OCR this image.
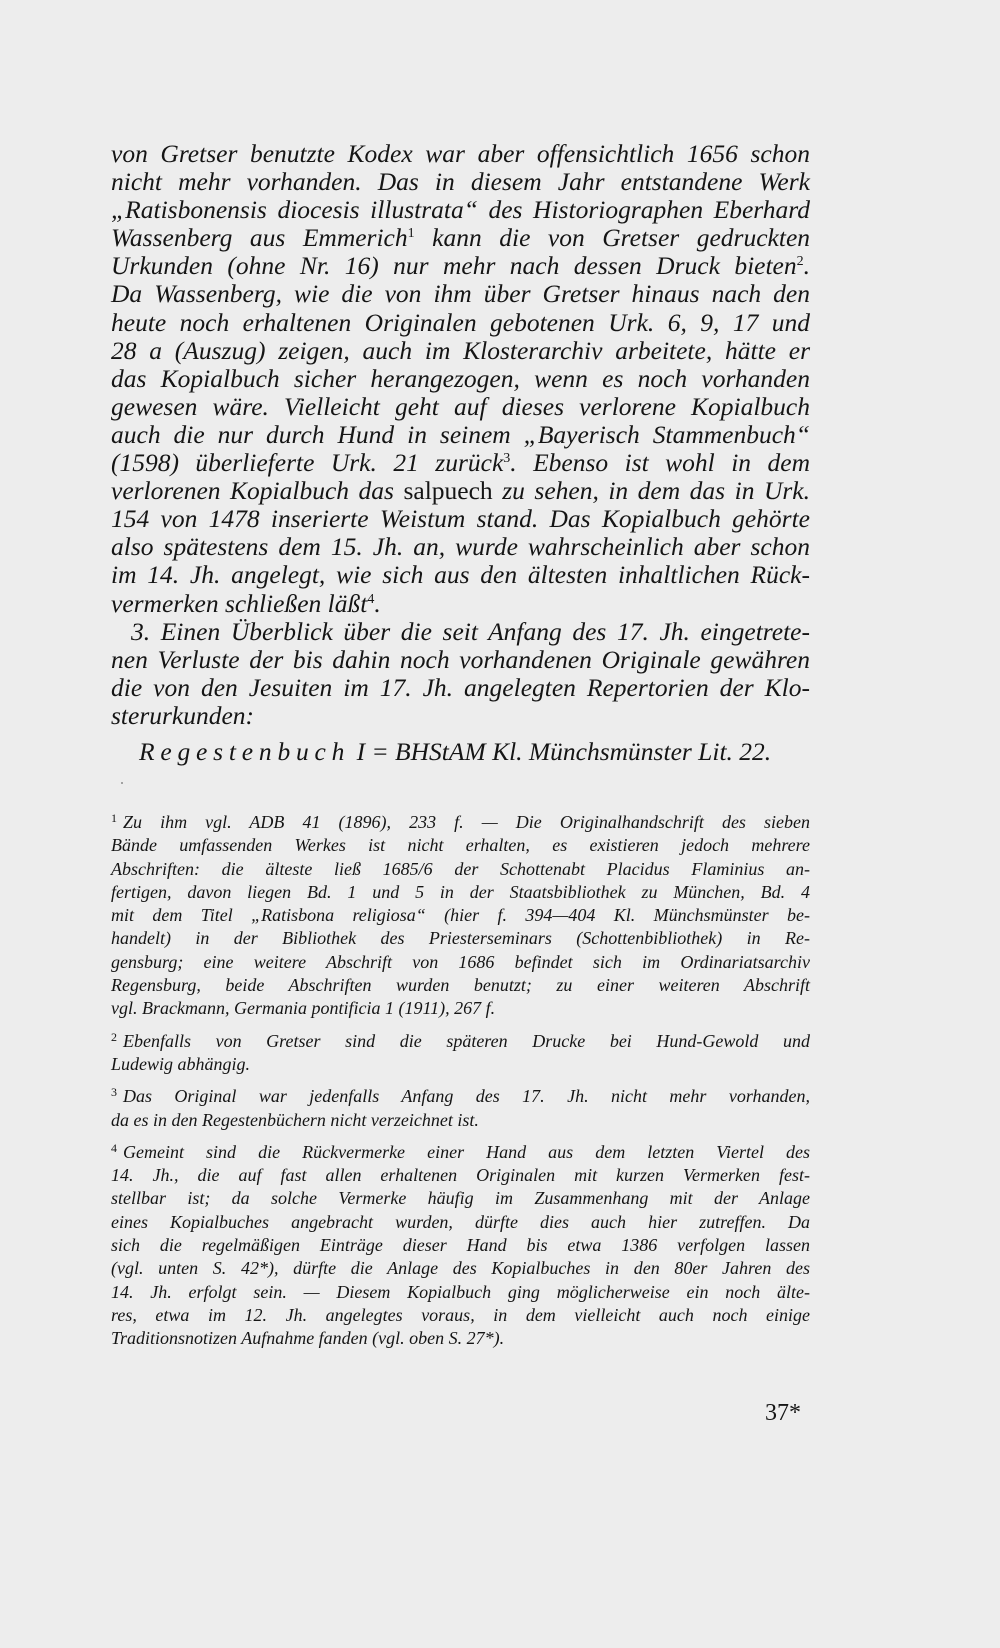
von Gretser benutzte Kodex war aber offensichtlich 1656 schon
nicht mehr vorhanden. Das in diesem Jahr entstandene Werk
„Ratisbonensis diocesis illustrata“ des Historiographen Eberhard
Wassenberg aus Emmerich$^1$ kann die von Gretser gedruckten
Urkunden (ohne Nr. 16) nur mehr nach dessen Druck bieten$^2$.
Da Wassenberg, wie die von ihm über Gretser hinaus nach den
heute noch erhaltenen Originalen gebotenen Urk. 6, 9, 17 und
28 a (Auszug) zeigen, auch im Klosterarchiv arbeitete, hätte er
das Kopialbuch sicher herangezogen, wenn es noch vorhanden
gewesen wäre. Vielleicht geht auf dieses verlorene Kopialbuch
auch die nur durch Hund in seinem „Bayerisch Stammenbuch“
(1598) überlieferte Urk. 21 zurück$^3$. Ebenso ist wohl in dem
verlorenen Kopialbuch das salpuech zu sehen, in dem das in Urk.
154 von 1478 inserierte Weistum stand. Das Kopialbuch gehörte
also spätestens dem 15. Jh. an, wurde wahrscheinlich aber schon
im 14. Jh. angelegt, wie sich aus den ältesten inhaltlichen Rück-
vermerken schließen läßt$^4$.
3. Einen Überblick über die seit Anfang des 17. Jh. eingetrete-
nen Verluste der bis dahin noch vorhandenen Originale gewähren
die von den Jesuiten im 17. Jh. angelegten Repertorien der Klo-
sterurkunden:
Regestenbuch I = BHStAM Kl. Münchsmünster Lit. 22.
$^1$ Zu ihm vgl. ADB 41 (1896), 233 f. — Die Originalhandschrift des sieben
Bände umfassenden Werkes ist nicht erhalten, es existieren jedoch mehrere
Abschriften: die älteste ließ 1685/6 der Schottenabt Placidus Flaminius an-
fertigen, davon liegen Bd. 1 und 5 in der Staatsbibliothek zu München, Bd. 4
mit dem Titel „Ratisbona religiosa“ (hier f. 394—404 Kl. Münchsmünster be-
handelt) in der Bibliothek des Priesterseminars (Schottenbibliothek) in Re-
gensburg; eine weitere Abschrift von 1686 befindet sich im Ordinariatsarchiv
Regensburg, beide Abschriften wurden benutzt; zu einer weiteren Abschrift
vgl. Brackmann, Germania pontificia 1 (1911), 267 f.
$^2$ Ebenfalls von Gretser sind die späteren Drucke bei Hund-Gewold und
Ludewig abhängig.
$^3$ Das Original war jedenfalls Anfang des 17. Jh. nicht mehr vorhanden,
da es in den Regestenbüchern nicht verzeichnet ist.
$^4$ Gemeint sind die Rückvermerke einer Hand aus dem letzten Viertel des
14. Jh., die auf fast allen erhaltenen Originalen mit kurzen Vermerken fest-
stellbar ist; da solche Vermerke häufig im Zusammenhang mit der Anlage
eines Kopialbuches angebracht wurden, dürfte dies auch hier zutreffen. Da
sich die regelmäßigen Einträge dieser Hand bis etwa 1386 verfolgen lassen
(vgl. unten S. 42*), dürfte die Anlage des Kopialbuches in den 80er Jahren des
14. Jh. erfolgt sein. — Diesem Kopialbuch ging möglicherweise ein noch älte-
res, etwa im 12. Jh. angelegtes voraus, in dem vielleicht auch noch einige
Traditionsnotizen Aufnahme fanden (vgl. oben S. 27*).
37*
